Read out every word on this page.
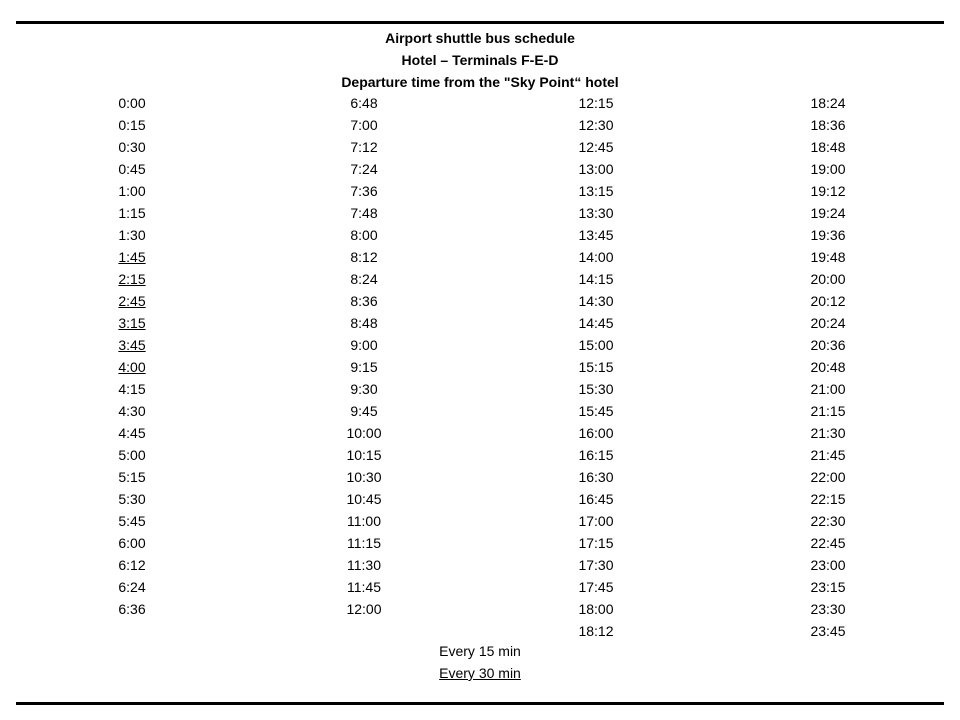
Airport shuttle bus schedule
Hotel – Terminals F-E-D
Departure time from the "Sky Point“ hotel
0:00
0:15
0:30
0:45
1:00
1:15
1:30
1:45
2:15
2:45
3:15
3:45
4:00
4:15
4:30
4:45
5:00
5:15
5:30
5:45
6:00
6:12
6:24
6:36
6:48
7:00
7:12
7:24
7:36
7:48
8:00
8:12
8:24
8:36
8:48
9:00
9:15
9:30
9:45
10:00
10:15
10:30
10:45
11:00
11:15
11:30
11:45
12:00
12:15
12:30
12:45
13:00
13:15
13:30
13:45
14:00
14:15
14:30
14:45
15:00
15:15
15:30
15:45
16:00
16:15
16:30
16:45
17:00
17:15
17:30
17:45
18:00
18:12
18:24
18:36
18:48
19:00
19:12
19:24
19:36
19:48
20:00
20:12
20:24
20:36
20:48
21:00
21:15
21:30
21:45
22:00
22:15
22:30
22:45
23:00
23:15
23:30
23:45
Every 15 min
Every 30 min
